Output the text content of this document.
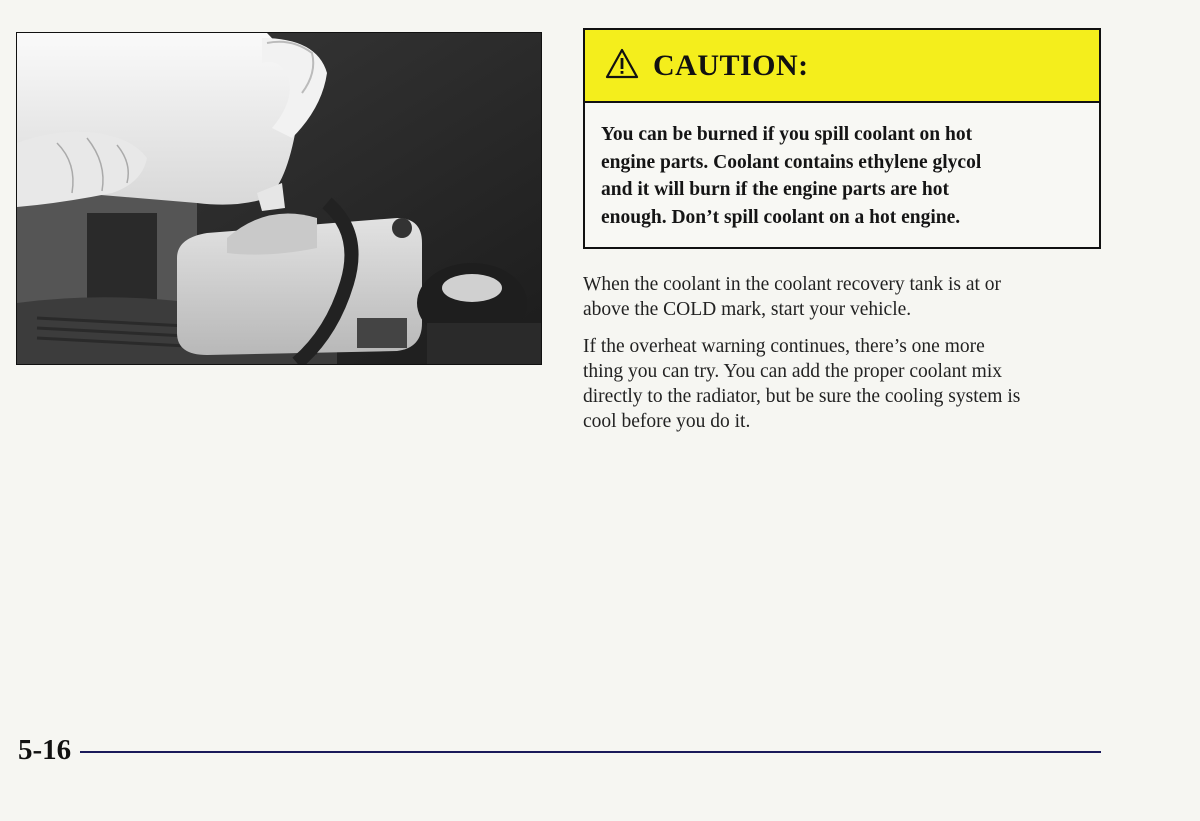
CAUTION:
You can be burned if you spill coolant on hot
engine parts. Coolant contains ethylene glycol
and it will burn if the engine parts are hot
enough. Don’t spill coolant on a hot engine.
When the coolant in the coolant recovery tank is at or
above the COLD mark, start your vehicle.
If the overheat warning continues, there’s one more
thing you can try. You can add the proper coolant mix
directly to the radiator, but be sure the cooling system is
cool before you do it.
5-16
